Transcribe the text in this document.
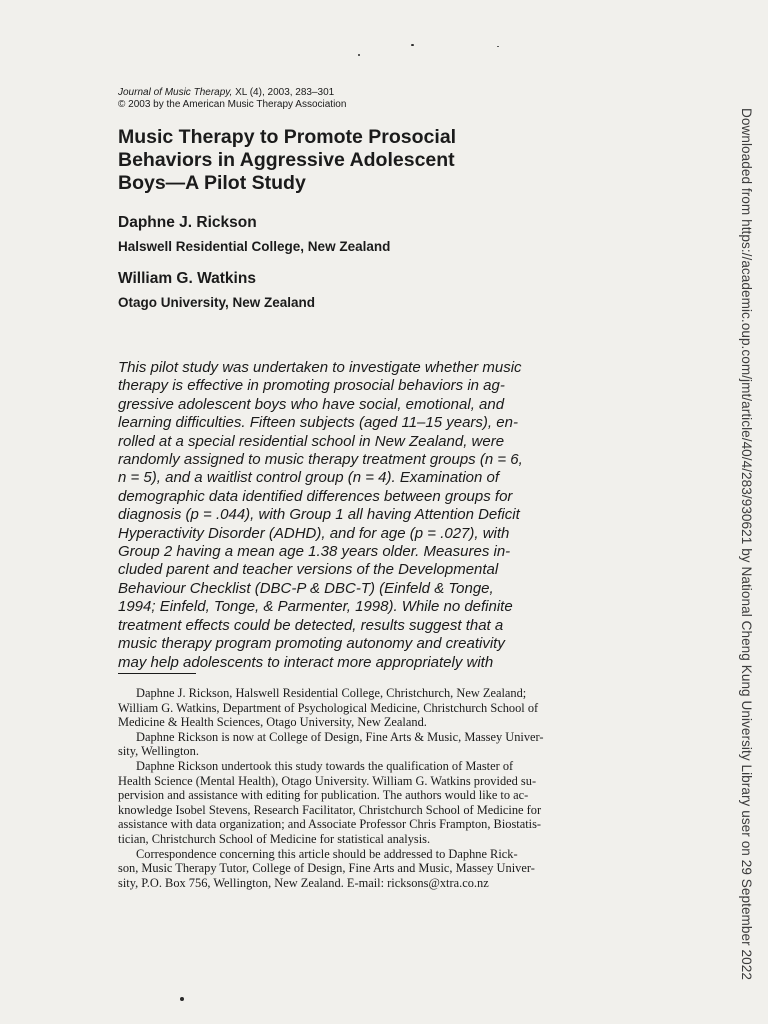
Journal of Music Therapy, XL (4), 2003, 283–301
© 2003 by the American Music Therapy Association
Music Therapy to Promote Prosocial
Behaviors in Aggressive Adolescent
Boys—A Pilot Study
Daphne J. Rickson
Halswell Residential College, New Zealand
William G. Watkins
Otago University, New Zealand
This pilot study was undertaken to investigate whether music
therapy is effective in promoting prosocial behaviors in ag-
gressive adolescent boys who have social, emotional, and
learning difficulties. Fifteen subjects (aged 11–15 years), en-
rolled at a special residential school in New Zealand, were
randomly assigned to music therapy treatment groups (n = 6,
n = 5), and a waitlist control group (n = 4). Examination of
demographic data identified differences between groups for
diagnosis (p = .044), with Group 1 all having Attention Deficit
Hyperactivity Disorder (ADHD), and for age (p = .027), with
Group 2 having a mean age 1.38 years older. Measures in-
cluded parent and teacher versions of the Developmental
Behaviour Checklist (DBC-P & DBC-T) (Einfeld & Tonge,
1994; Einfeld, Tonge, & Parmenter, 1998). While no definite
treatment effects could be detected, results suggest that a
music therapy program promoting autonomy and creativity
may help adolescents to interact more appropriately with
Daphne J. Rickson, Halswell Residential College, Christchurch, New Zealand;
William G. Watkins, Department of Psychological Medicine, Christchurch School of
Medicine & Health Sciences, Otago University, New Zealand.
Daphne Rickson is now at College of Design, Fine Arts & Music, Massey Univer-
sity, Wellington.
Daphne Rickson undertook this study towards the qualification of Master of
Health Science (Mental Health), Otago University. William G. Watkins provided su-
pervision and assistance with editing for publication. The authors would like to ac-
knowledge Isobel Stevens, Research Facilitator, Christchurch School of Medicine for
assistance with data organization; and Associate Professor Chris Frampton, Biostatis-
tician, Christchurch School of Medicine for statistical analysis.
Correspondence concerning this article should be addressed to Daphne Rick-
son, Music Therapy Tutor, College of Design, Fine Arts and Music, Massey Univer-
sity, P.O. Box 756, Wellington, New Zealand. E-mail: ricksons@xtra.co.nz	Downloaded from https://academic.oup.com/jmt/article/40/4/283/930621 by National Cheng Kung University Library user on 29 September 2022
